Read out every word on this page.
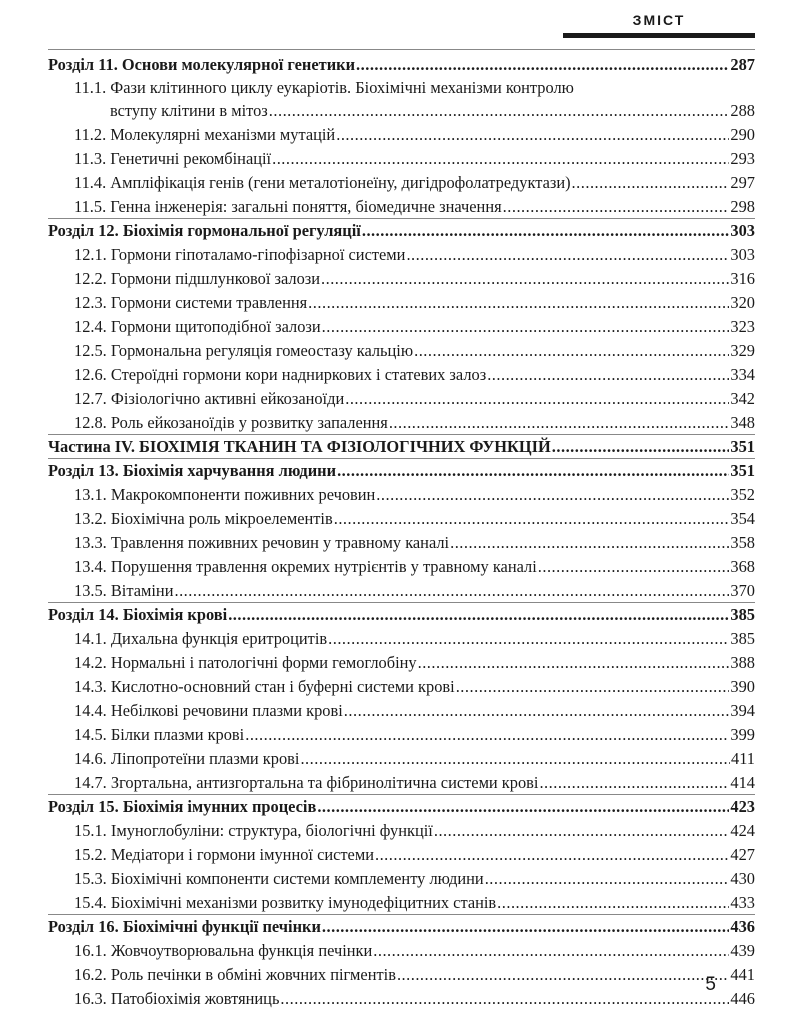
ЗМІСТ
Розділ 11. Основи молекулярної генетики .....	287
11.1. Фази клітинного циклу еукаріотів. Біохімічні механізми контролю
вступу клітини в мітоз .....	288
11.2. Молекулярні механізми мутацій .....	290
11.3. Генетичні рекомбінації .....	293
11.4. Ампліфікація генів (гени металотіонеїну, дигідрофолатредуктази) .....	297
11.5. Генна інженерія: загальні поняття, біомедичне значення .....	298
Розділ 12. Біохімія гормональної регуляції .....	303
12.1. Гормони гіпоталамо-гіпофізарної системи .....	303
12.2. Гормони підшлункової залози .....	316
12.3. Гормони системи травлення .....	320
12.4. Гормони щитоподібної залози .....	323
12.5. Гормональна регуляція гомеостазу кальцію .....	329
12.6. Стероїдні гормони кори надниркових і статевих залоз .....	334
12.7. Фізіологічно активні ейкозаноїди .....	342
12.8. Роль ейкозаноїдів у розвитку запалення .....	348
Частина IV. БІОХІМІЯ ТКАНИН ТА ФІЗІОЛОГІЧНИХ ФУНКЦІЙ .....	351
Розділ 13. Біохімія харчування людини .....	351
13.1. Макрокомпоненти поживних речовин .....	352
13.2. Біохімічна роль мікроелементів .....	354
13.3. Травлення поживних речовин у травному каналі .....	358
13.4. Порушення травлення окремих нутрієнтів у травному каналі .....	368
13.5. Вітаміни .....	370
Розділ 14. Біохімія крові .....	385
14.1. Дихальна функція еритроцитів .....	385
14.2. Нормальні і патологічні форми гемоглобіну .....	388
14.3. Кислотно-основний стан і буферні системи крові .....	390
14.4. Небілкові речовини плазми крові .....	394
14.5. Білки плазми крові .....	399
14.6. Ліпопротеїни плазми крові .....	411
14.7. Згортальна, антизгортальна та фібринолітична системи крові .....	414
Розділ 15. Біохімія імунних процесів .....	423
15.1. Імуноглобуліни: структура, біологічні функції .....	424
15.2. Медіатори і гормони імунної системи .....	427
15.3. Біохімічні компоненти системи комплементу людини .....	430
15.4. Біохімічні механізми розвитку імунодефіцитних станів .....	433
Розділ 16. Біохімічні функції печінки .....	436
16.1. Жовчоутворювальна функція печінки .....	439
16.2. Роль печінки в обміні жовчних пігментів .....	441
16.3. Патобіохімія жовтяниць .....	446
5
